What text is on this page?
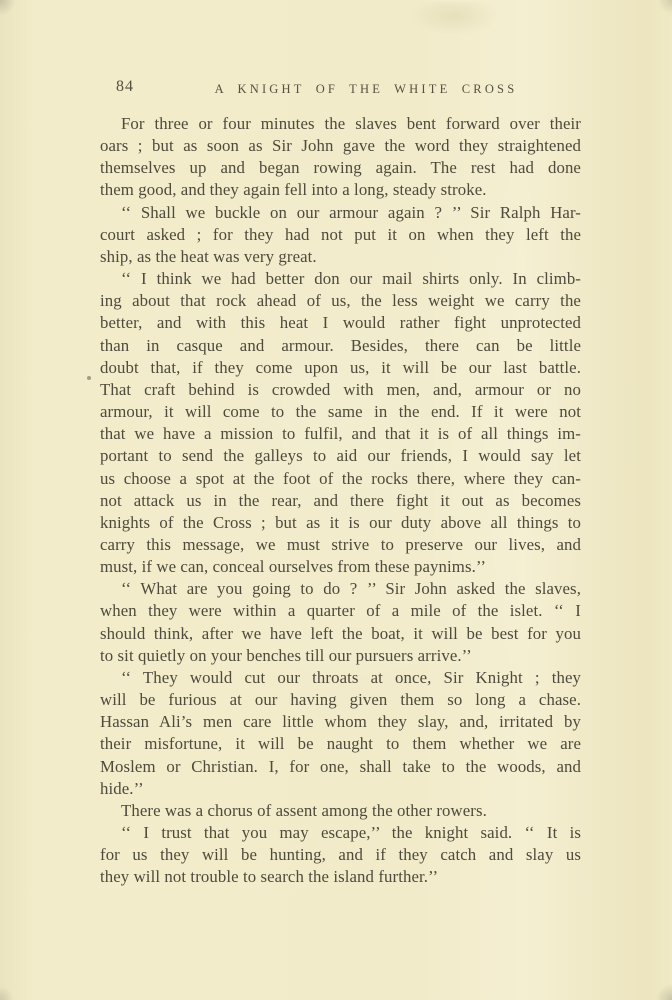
84	A KNIGHT OF THE WHITE CROSS
For three or four minutes the slaves bent forward over their
oars ; but as soon as Sir John gave the word they straightened
themselves up and began rowing again. The rest had done
them good, and they again fell into a long, steady stroke.
‘‘ Shall we buckle on our armour again ? ’’ Sir Ralph Har-
court asked ; for they had not put it on when they left the
ship, as the heat was very great.
‘‘ I think we had better don our mail shirts only. In climb-
ing about that rock ahead of us, the less weight we carry the
better, and with this heat I would rather fight unprotected
than in casque and armour. Besides, there can be little
doubt that, if they come upon us, it will be our last battle.
That craft behind is crowded with men, and, armour or no
armour, it will come to the same in the end. If it were not
that we have a mission to fulfil, and that it is of all things im-
portant to send the galleys to aid our friends, I would say let
us choose a spot at the foot of the rocks there, where they can-
not attack us in the rear, and there fight it out as becomes
knights of the Cross ; but as it is our duty above all things to
carry this message, we must strive to preserve our lives, and
must, if we can, conceal ourselves from these paynims.’’
‘‘ What are you going to do ? ’’ Sir John asked the slaves,
when they were within a quarter of a mile of the islet. ‘‘ I
should think, after we have left the boat, it will be best for you
to sit quietly on your benches till our pursuers arrive.’’
‘‘ They would cut our throats at once, Sir Knight ; they
will be furious at our having given them so long a chase.
Hassan Ali’s men care little whom they slay, and, irritated by
their misfortune, it will be naught to them whether we are
Moslem or Christian. I, for one, shall take to the woods, and
hide.’’
There was a chorus of assent among the other rowers.
‘‘ I trust that you may escape,’’ the knight said. ‘‘ It is
for us they will be hunting, and if they catch and slay us
they will not trouble to search the island further.’’
